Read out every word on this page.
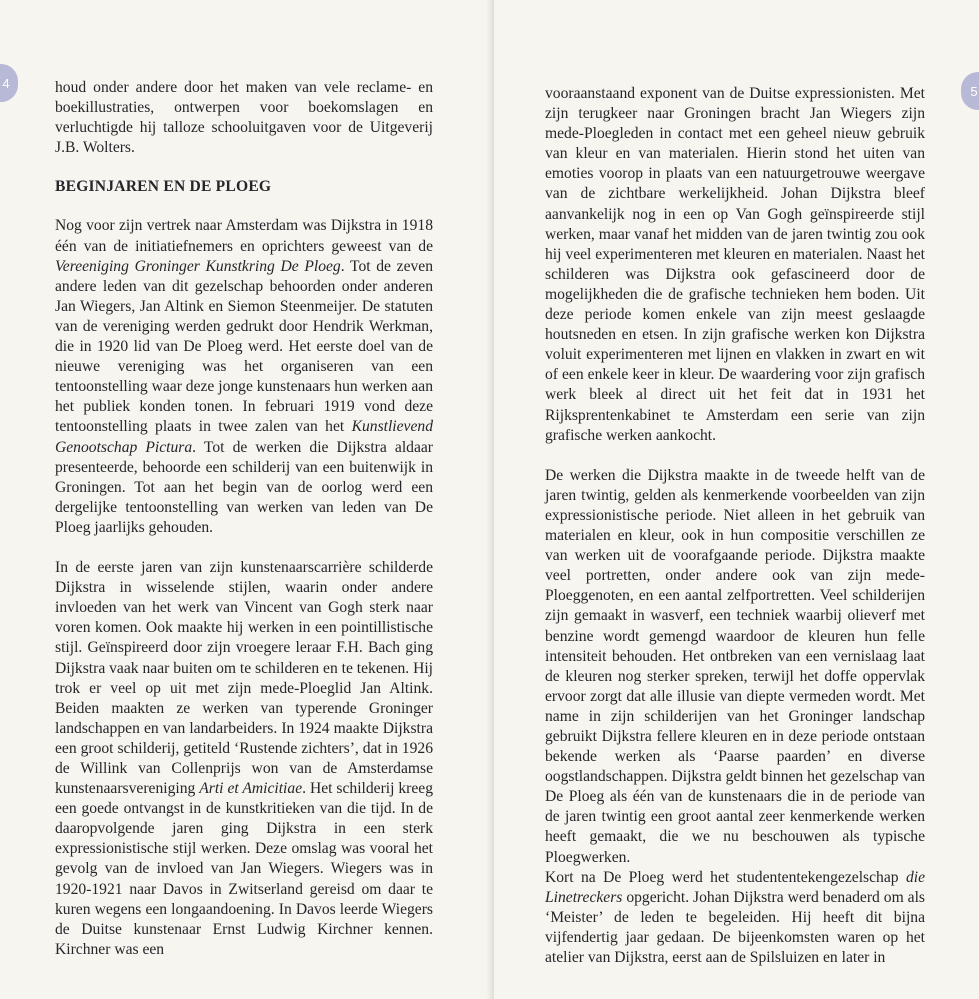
4	houd onder andere door het maken van vele reclame- en boekillustraties, ontwerpen voor boekomslagen en verluchtigde hij talloze schooluitgaven voor de Uitgeverij J.B. Wolters.

BEGINJAREN EN DE PLOEG

Nog voor zijn vertrek naar Amsterdam was Dijkstra in 1918 één van de initiatiefnemers en oprichters geweest van de Vereeniging Groninger Kunstkring De Ploeg. Tot de zeven andere leden van dit gezelschap behoorden onder anderen Jan Wiegers, Jan Altink en Siemon Steenmeijer. De statuten van de vereniging werden gedrukt door Hendrik Werkman, die in 1920 lid van De Ploeg werd. Het eerste doel van de nieuwe vereniging was het organiseren van een tentoonstelling waar deze jonge kunstenaars hun werken aan het publiek konden tonen. In februari 1919 vond deze tentoonstelling plaats in twee zalen van het Kunstlievend Genootschap Pictura. Tot de werken die Dijkstra aldaar presenteerde, behoorde een schilderij van een buitenwijk in Groningen. Tot aan het begin van de oorlog werd een dergelijke tentoonstelling van werken van leden van De Ploeg jaarlijks gehouden.

In de eerste jaren van zijn kunstenaarscarrière schilderde Dijkstra in wisselende stijlen, waarin onder andere invloeden van het werk van Vincent van Gogh sterk naar voren komen. Ook maakte hij werken in een pointillistische stijl. Geïnspireerd door zijn vroegere leraar F.H. Bach ging Dijkstra vaak naar buiten om te schilderen en te tekenen. Hij trok er veel op uit met zijn mede-Ploeglid Jan Altink. Beiden maakten ze werken van typerende Groninger landschappen en van landarbeiders. In 1924 maakte Dijkstra een groot schilderij, getiteld ‘Rustende zichters’, dat in 1926 de Willink van Collenprijs won van de Amsterdamse kunstenaarsvereniging Arti et Amicitiae. Het schilderij kreeg een goede ontvangst in de kunstkritieken van die tijd. In de daaropvolgende jaren ging Dijkstra in een sterk expressionistische stijl werken. Deze omslag was vooral het gevolg van de invloed van Jan Wiegers. Wiegers was in 1920-1921 naar Davos in Zwitserland gereisd om daar te kuren wegens een longaandoening. In Davos leerde Wiegers de Duitse kunstenaar Ernst Ludwig Kirchner kennen. Kirchner was een

5

vooraanstaand exponent van de Duitse expressionisten. Met zijn terugkeer naar Groningen bracht Jan Wiegers zijn mede-Ploegleden in contact met een geheel nieuw gebruik van kleur en van materialen. Hierin stond het uiten van emoties voorop in plaats van een natuurgetrouwe weergave van de zichtbare werkelijkheid. Johan Dijkstra bleef aanvankelijk nog in een op Van Gogh geïnspireerde stijl werken, maar vanaf het midden van de jaren twintig zou ook hij veel experimenteren met kleuren en materialen. Naast het schilderen was Dijkstra ook gefascineerd door de mogelijkheden die de grafische technieken hem boden. Uit deze periode komen enkele van zijn meest geslaagde houtsneden en etsen. In zijn grafische werken kon Dijkstra voluit experimenteren met lijnen en vlakken in zwart en wit of een enkele keer in kleur. De waardering voor zijn grafisch werk bleek al direct uit het feit dat in 1931 het Rijksprentenkabinet te Amsterdam een serie van zijn grafische werken aankocht.

De werken die Dijkstra maakte in de tweede helft van de jaren twintig, gelden als kenmerkende voorbeelden van zijn expressionistische periode. Niet alleen in het gebruik van materialen en kleur, ook in hun compositie verschillen ze van werken uit de voorafgaande periode. Dijkstra maakte veel portretten, onder andere ook van zijn mede-Ploeggenoten, en een aantal zelfportretten. Veel schilderijen zijn gemaakt in wasverf, een techniek waarbij olieverf met benzine wordt gemengd waardoor de kleuren hun felle intensiteit behouden. Het ontbreken van een vernislaag laat de kleuren nog sterker spreken, terwijl het doffe oppervlak ervoor zorgt dat alle illusie van diepte vermeden wordt. Met name in zijn schilderijen van het Groninger landschap gebruikt Dijkstra fellere kleuren en in deze periode ontstaan bekende werken als ‘Paarse paarden’ en diverse oogstlandschappen. Dijkstra geldt binnen het gezelschap van De Ploeg als één van de kunstenaars die in de periode van de jaren twintig een groot aantal zeer kenmerkende werken heeft gemaakt, die we nu beschouwen als typische Ploegwerken.

Kort na De Ploeg werd het studententekengezelschap die Linetreckers opgericht. Johan Dijkstra werd benaderd om als ‘Meister’ de leden te begeleiden. Hij heeft dit bijna vijfendertig jaar gedaan. De bijeenkomsten waren op het atelier van Dijkstra, eerst aan de Spilsluizen en later in
